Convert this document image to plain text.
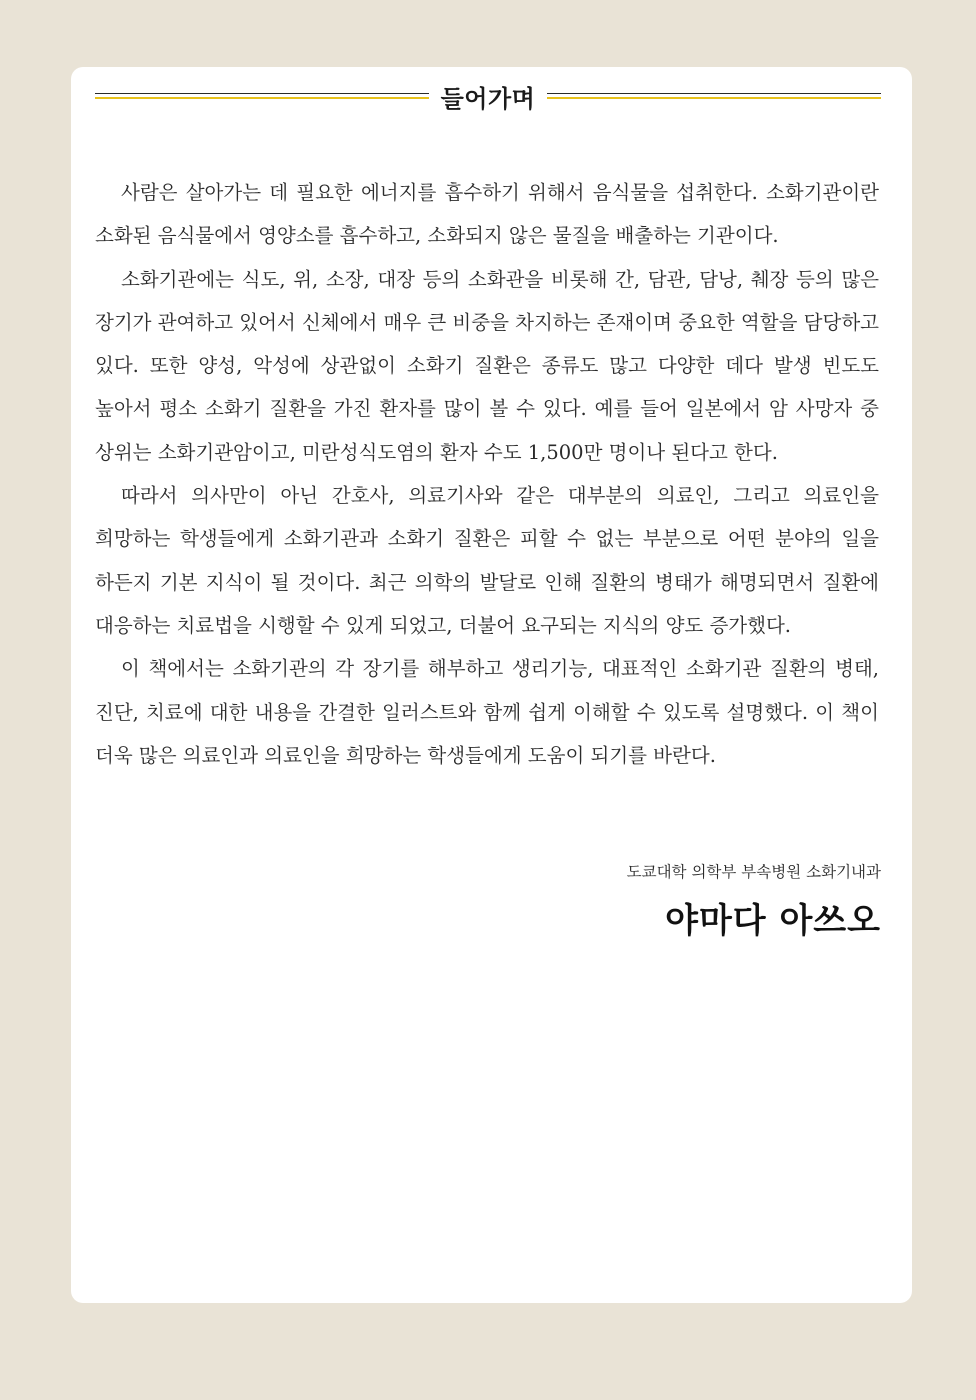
들어가며

사람은 살아가는 데 필요한 에너지를 흡수하기 위해서 음식물을 섭취한다. 소화기관이란 소화된 음식물에서 영양소를 흡수하고, 소화되지 않은 물질을 배출하는 기관이다.

소화기관에는 식도, 위, 소장, 대장 등의 소화관을 비롯해 간, 담관, 담낭, 췌장 등의 많은 장기가 관여하고 있어서 신체에서 매우 큰 비중을 차지하는 존재이며 중요한 역할을 담당하고 있다. 또한 양성, 악성에 상관없이 소화기 질환은 종류도 많고 다양한 데다 발생 빈도도 높아서 평소 소화기 질환을 가진 환자를 많이 볼 수 있다. 예를 들어 일본에서 암 사망자 중 상위는 소화기관암이고, 미란성식도염의 환자 수도 1,500만 명이나 된다고 한다.

따라서 의사만이 아닌 간호사, 의료기사와 같은 대부분의 의료인, 그리고 의료인을 희망하는 학생들에게 소화기관과 소화기 질환은 피할 수 없는 부분으로 어떤 분야의 일을 하든지 기본 지식이 될 것이다. 최근 의학의 발달로 인해 질환의 병태가 해명되면서 질환에 대응하는 치료법을 시행할 수 있게 되었고, 더불어 요구되는 지식의 양도 증가했다.

이 책에서는 소화기관의 각 장기를 해부하고 생리기능, 대표적인 소화기관 질환의 병태, 진단, 치료에 대한 내용을 간결한 일러스트와 함께 쉽게 이해할 수 있도록 설명했다. 이 책이 더욱 많은 의료인과 의료인을 희망하는 학생들에게 도움이 되기를 바란다.

도쿄대학 의학부 부속병원 소화기내과
야마다 아쓰오
